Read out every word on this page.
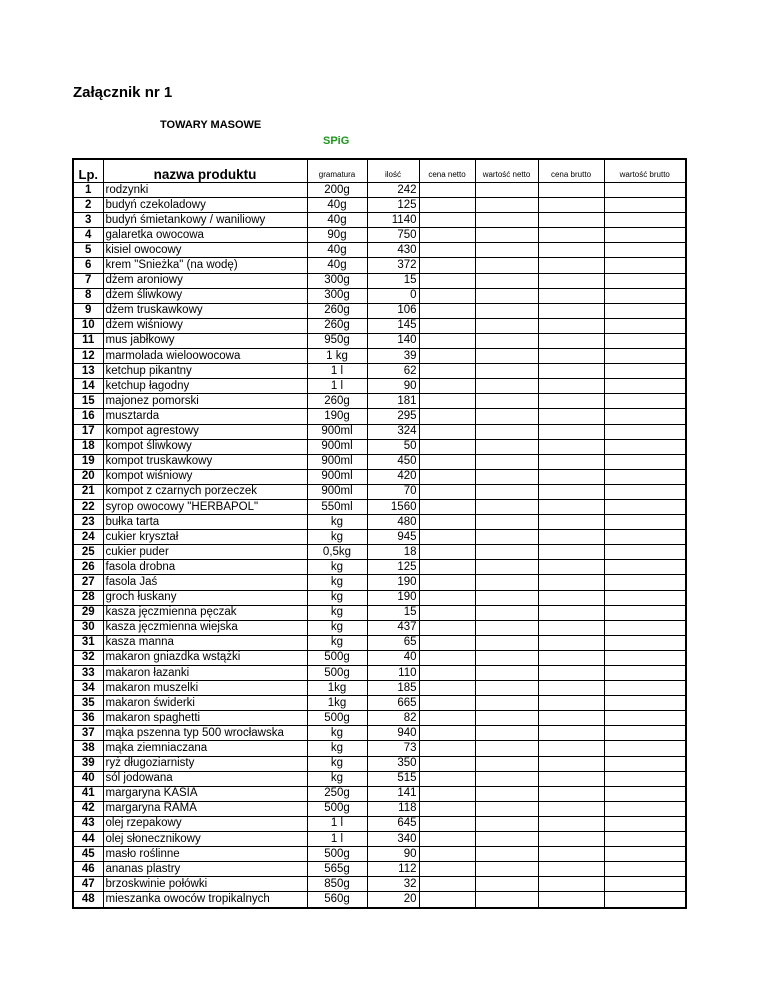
Załącznik nr 1
TOWARY MASOWE
SPiG
Lp.	nazwa produktu	gramatura	ilość	cena netto	wartość netto	cena brutto	wartość brutto
1	rodzynki	200g	242				
2	budyń czekoladowy	40g	125				
3	budyń śmietankowy / waniliowy	40g	1140				
4	galaretka owocowa	90g	750				
5	kisiel owocowy	40g	430				
6	krem "Snieżka" (na wodę)	40g	372				
7	dżem aroniowy	300g	15				
8	dżem śliwkowy	300g	0				
9	dżem truskawkowy	260g	106				
10	dżem wiśniowy	260g	145				
11	mus jabłkowy	950g	140				
12	marmolada wieloowocowa	1 kg	39				
13	ketchup pikantny	1 l	62				
14	ketchup łagodny	1 l	90				
15	majonez pomorski	260g	181				
16	musztarda	190g	295				
17	kompot agrestowy	900ml	324				
18	kompot śliwkowy	900ml	50				
19	kompot truskawkowy	900ml	450				
20	kompot wiśniowy	900ml	420				
21	kompot z czarnych porzeczek	900ml	70				
22	syrop owocowy "HERBAPOL"	550ml	1560				
23	bułka tarta	kg	480				
24	cukier kryształ	kg	945				
25	cukier puder	0,5kg	18				
26	fasola drobna	kg	125				
27	fasola Jaś	kg	190				
28	groch łuskany	kg	190				
29	kasza jęczmienna pęczak	kg	15				
30	kasza jęczmienna wiejska	kg	437				
31	kasza manna	kg	65				
32	makaron gniazdka wstążki	500g	40				
33	makaron łazanki	500g	110				
34	makaron muszelki	1kg	185				
35	makaron świderki	1kg	665				
36	makaron spaghetti	500g	82				
37	mąka pszenna typ 500 wrocławska	kg	940				
38	mąka ziemniaczana	kg	73				
39	ryż długoziarnisty	kg	350				
40	sól jodowana	kg	515				
41	margaryna KASIA	250g	141				
42	margaryna RAMA	500g	118				
43	olej rzepakowy	1 l	645				
44	olej słonecznikowy	1 l	340				
45	masło roślinne	500g	90				
46	ananas plastry	565g	112				
47	brzoskwinie połówki	850g	32				
48	mieszanka owoców tropikalnych	560g	20				
